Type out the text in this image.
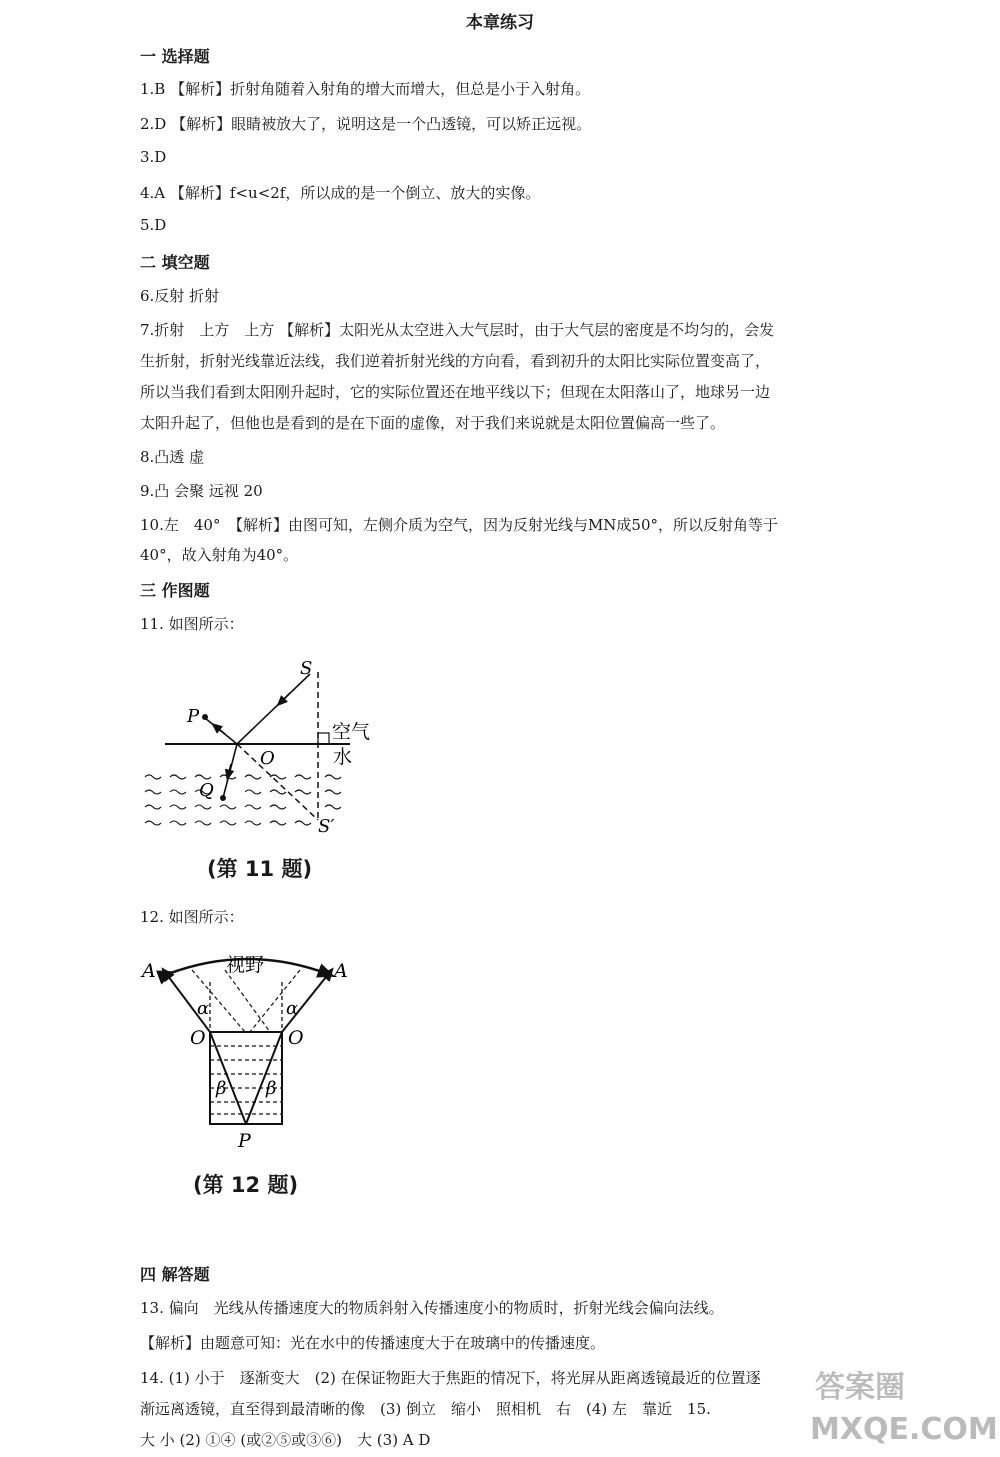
本章练习
一 选择题
1.B 【解析】折射角随着入射角的增大而增大，但总是小于入射角。
2.D 【解析】眼睛被放大了，说明这是一个凸透镜，可以矫正远视。
3.D
4.A 【解析】f<u<2f，所以成的是一个倒立、放大的实像。
5.D
二 填空题
6.反射 折射
7.折射　上方　上方 【解析】太阳光从太空进入大气层时，由于大气层的密度是不均匀的，会发
生折射，折射光线靠近法线，我们逆着折射光线的方向看，看到初升的太阳比实际位置变高了，
所以当我们看到太阳刚升起时，它的实际位置还在地平线以下；但现在太阳落山了，地球另一边
太阳升起了，但他也是看到的是在下面的虚像，对于我们来说就是太阳位置偏高一些了。
8.凸透 虚
9.凸 会聚 远视 20
10.左　40°　【解析】由图可知，左侧介质为空气，因为反射光线与MN成50°，所以反射角等于
40°，故入射角为40°。
三 作图题
11. 如图所示：
S
P
O
Q
S′
空气
水
(第 11 题)
12. 如图所示：
A	A
视野
α	α
O	O
β β
P
(第 12 题)
四 解答题
13. 偏向　光线从传播速度大的物质斜射入传播速度小的物质时，折射光线会偏向法线。
【解析】由题意可知：光在水中的传播速度大于在玻璃中的传播速度。
14. (1) 小于　逐渐变大　(2) 在保证物距大于焦距的情况下，将光屏从距离透镜最近的位置逐
渐远离透镜，直至得到最清晰的像　(3) 倒立　缩小　照相机　右　(4) 左　靠近　15.
大 小 (2) ①④ (或②⑤或③⑥)　大 (3) A D
答案圈
MXQE.COM
